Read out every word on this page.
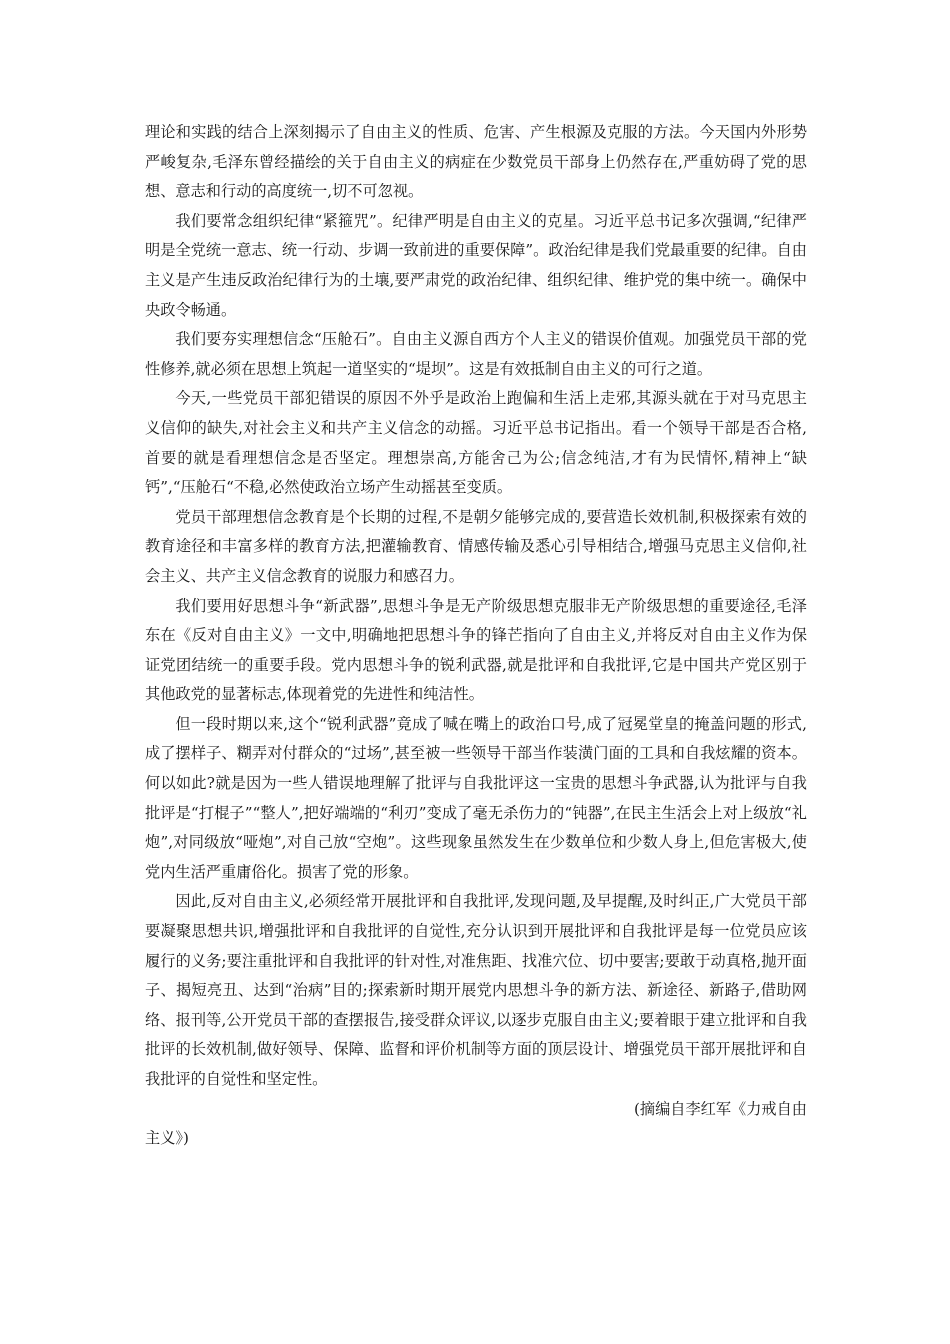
理论和实践的结合上深刻揭示了自由主义的性质、危害、产生根源及克服的方法。今天国内外形势严峻复杂,毛泽东曾经描绘的关于自由主义的病症在少数党员干部身上仍然存在,严重妨碍了党的思想、意志和行动的高度统一,切不可忽视。

我们要常念组织纪律“紧箍咒”。纪律严明是自由主义的克星。习近平总书记多次强调,“纪律严明是全党统一意志、统一行动、步调一致前进的重要保障”。政治纪律是我们党最重要的纪律。自由主义是产生违反政治纪律行为的土壤,要严肃党的政治纪律、组织纪律、维护党的集中统一。确保中央政令畅通。

我们要夯实理想信念“压舱石”。自由主义源自西方个人主义的错误价值观。加强党员干部的党性修养,就必须在思想上筑起一道坚实的“堤坝”。这是有效抵制自由主义的可行之道。

今天,一些党员干部犯错误的原因不外乎是政治上跑偏和生活上走邪,其源头就在于对马克思主义信仰的缺失,对社会主义和共产主义信念的动摇。习近平总书记指出。看一个领导干部是否合格,首要的就是看理想信念是否坚定。理想崇高,方能舍己为公;信念纯洁,才有为民情怀,精神上“缺钙”,“压舱石“不稳,必然使政治立场产生动摇甚至变质。

党员干部理想信念教育是个长期的过程,不是朝夕能够完成的,要营造长效机制,积极探索有效的教育途径和丰富多样的教育方法,把灌输教育、情感传输及悉心引导相结合,增强马克思主义信仰,社会主义、共产主义信念教育的说服力和感召力。

我们要用好思想斗争“新武器”,思想斗争是无产阶级思想克服非无产阶级思想的重要途径,毛泽东在《反对自由主义》一文中,明确地把思想斗争的锋芒指向了自由主义,并将反对自由主义作为保证党团结统一的重要手段。党内思想斗争的锐利武器,就是批评和自我批评,它是中国共产党区别于其他政党的显著标志,体现着党的先进性和纯洁性。

但一段时期以来,这个“锐利武器”竟成了喊在嘴上的政治口号,成了冠冕堂皇的掩盖问题的形式,成了摆样子、糊弄对付群众的“过场”,甚至被一些领导干部当作装潢门面的工具和自我炫耀的资本。何以如此?就是因为一些人错误地理解了批评与自我批评这一宝贵的思想斗争武器,认为批评与自我批评是“打棍子”“整人”,把好端端的“利刃”变成了毫无杀伤力的“钝器”,在民主生活会上对上级放“礼炮”,对同级放“哑炮”,对自己放“空炮”。这些现象虽然发生在少数单位和少数人身上,但危害极大,使党内生活严重庸俗化。损害了党的形象。

因此,反对自由主义,必须经常开展批评和自我批评,发现问题,及早提醒,及时纠正,广大党员干部要凝聚思想共识,增强批评和自我批评的自觉性,充分认识到开展批评和自我批评是每一位党员应该履行的义务;要注重批评和自我批评的针对性,对准焦距、找准穴位、切中要害;要敢于动真格,抛开面子、揭短亮丑、达到“治病”目的;探索新时期开展党内思想斗争的新方法、新途径、新路子,借助网络、报刊等,公开党员干部的查摆报告,接受群众评议,以逐步克服自由主义;要着眼于建立批评和自我批评的长效机制,做好领导、保障、监督和评价机制等方面的顶层设计、增强党员干部开展批评和自我批评的自觉性和坚定性。

(摘编自李红军《力戒自由

主义》)
